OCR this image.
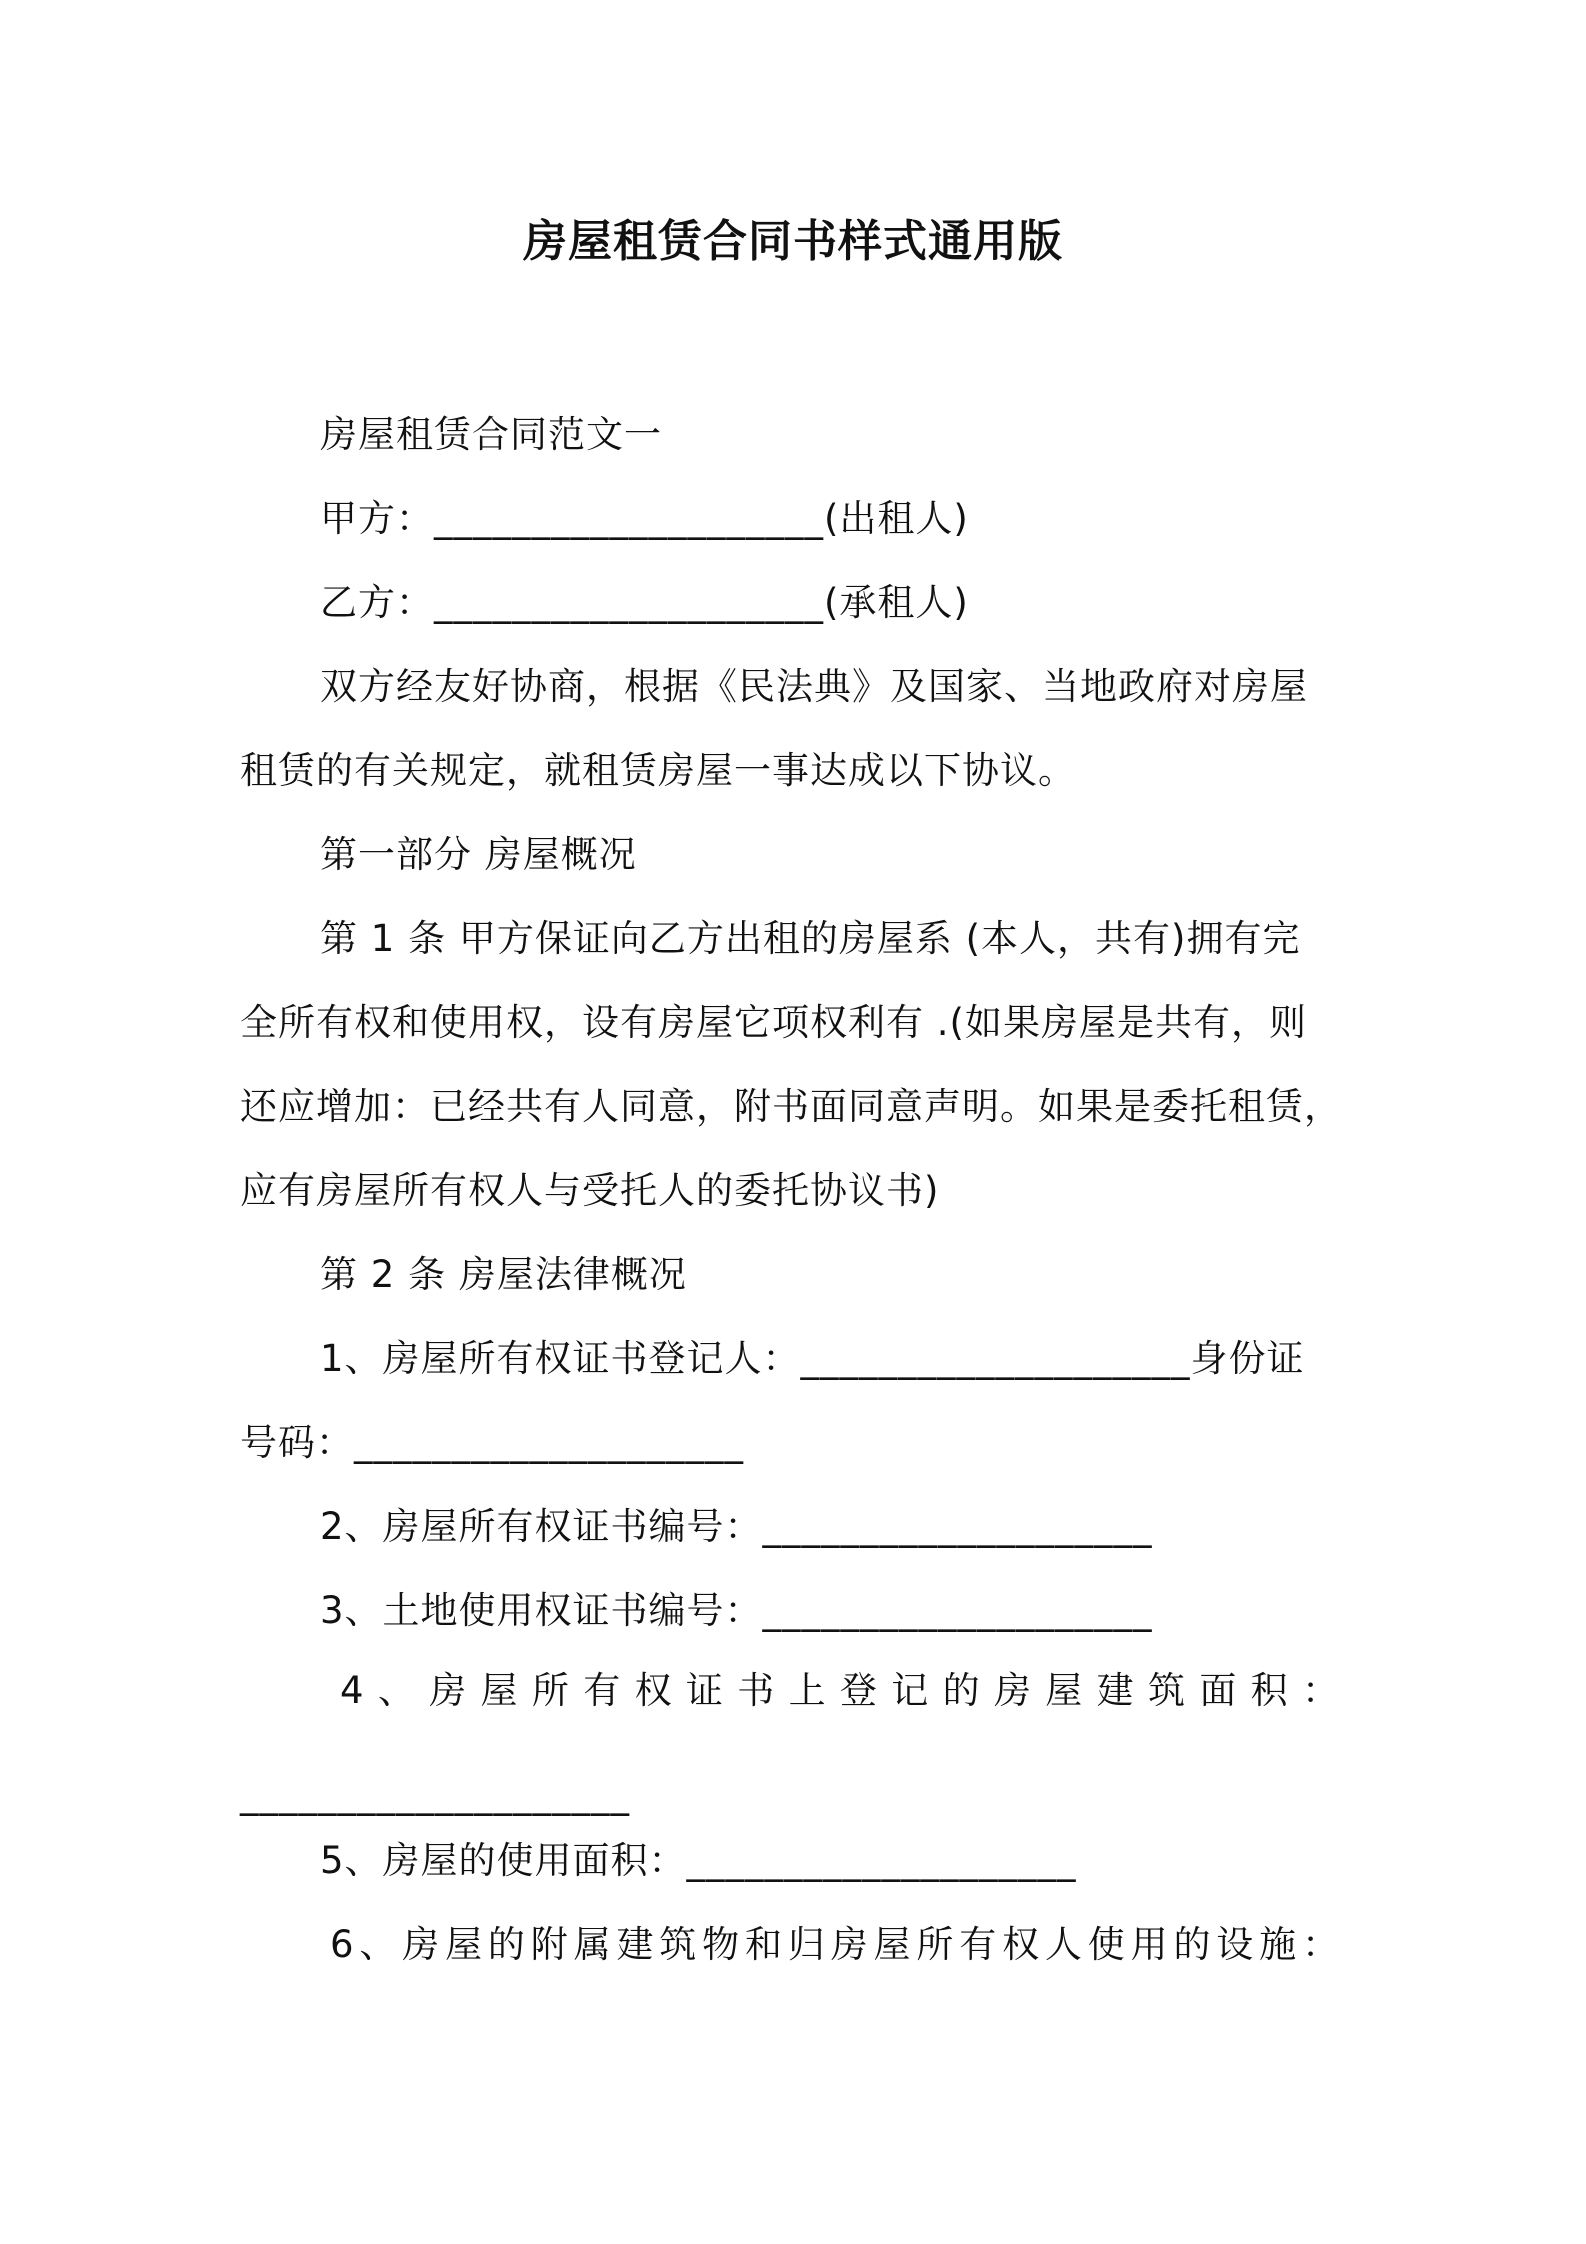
房屋租赁合同书样式通用版
房屋租赁合同范文一
甲方：____________________(出租人)
乙方：____________________(承租人)
双方经友好协商，根据《民法典》及国家、当地政府对房屋
租赁的有关规定，就租赁房屋一事达成以下协议。
第一部分 房屋概况
第 1 条 甲方保证向乙方出租的房屋系 (本人，共有)拥有完
全所有权和使用权，设有房屋它项权利有 .(如果房屋是共有，则
还应增加：已经共有人同意，附书面同意声明。如果是委托租赁，
应有房屋所有权人与受托人的委托协议书)
第 2 条 房屋法律概况
1、房屋所有权证书登记人：____________________身份证
号码：____________________
2、房屋所有权证书编号：____________________
3、土地使用权证书编号：____________________
4、房屋所有权证书上登记的房屋建筑面积：
____________________
5、房屋的使用面积：____________________
6、房屋的附属建筑物和归房屋所有权人使用的设施：
